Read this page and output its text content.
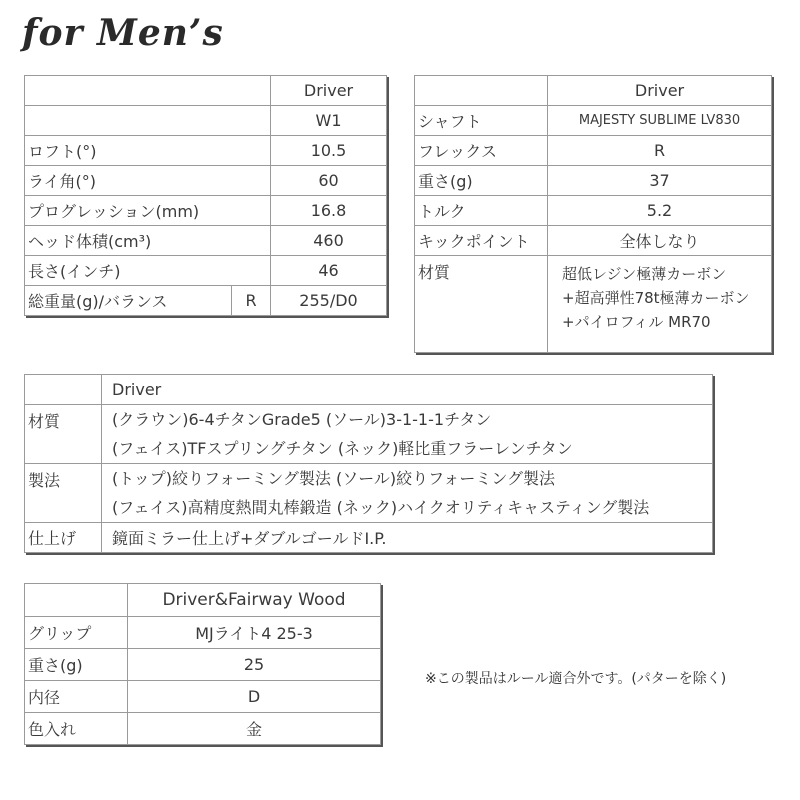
for Men’s
		Driver
		W1
ロフト(°)		10.5
ライ角(°)		60
プログレッション(mm)		16.8
ヘッド体積(cm³)		460
長さ(インチ)		46
総重量(g)/バランス	R	255/D0
	Driver
シャフト	MAJESTY SUBLIME LV830
フレックス	R
重さ(g)	37
トルク	5.2
キックポイント	全体しなり
材質	超低レジン極薄カーボン
+超高弾性78t極薄カーボン
+パイロフィル MR70
	Driver
材質	(クラウン)6-4チタンGrade5 (ソール)3-1-1-1チタン
(フェイス)TFスプリングチタン (ネック)軽比重フラーレンチタン

製法	(トップ)絞りフォーミング製法 (ソール)絞りフォーミング製法
(フェイス)高精度熱間丸棒鍛造 (ネック)ハイクオリティキャスティング製法

仕上げ	鏡面ミラー仕上げ+ダブルゴールドI.P.
	Driver&Fairway Wood
グリップ	MJライト4 25-3
重さ(g)	25
内径	D
色入れ	金
※この製品はルール適合外です。(パターを除く)
